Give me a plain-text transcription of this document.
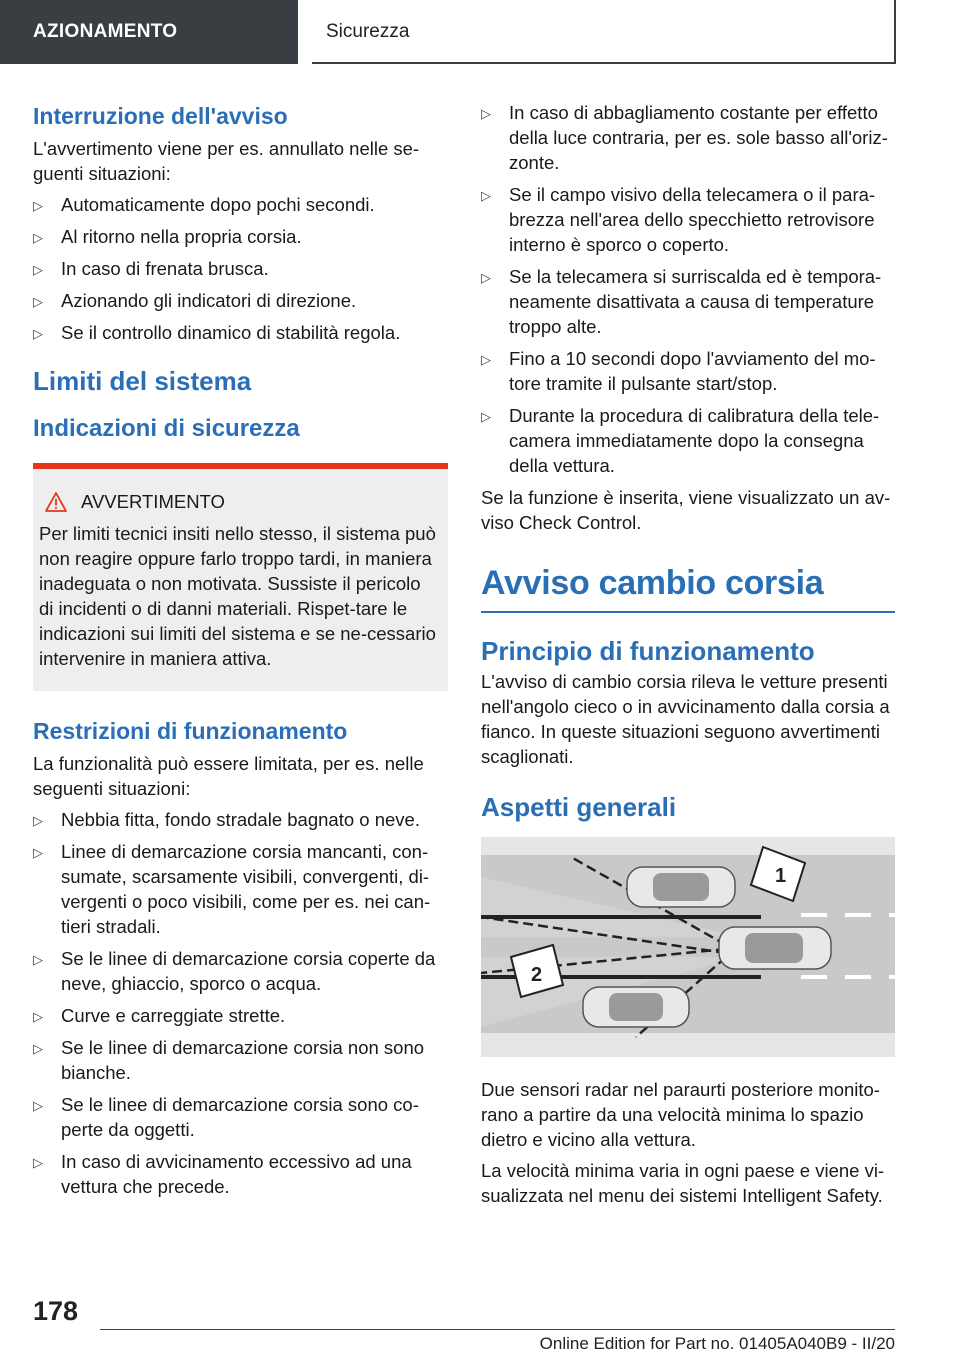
AZIONAMENTO	Sicurezza
Interruzione dell'avviso

L'avvertimento viene per es. annullato nelle se-guenti situazioni:

▷ Automaticamente dopo pochi secondi.
▷ Al ritorno nella propria corsia.
▷ In caso di frenata brusca.
▷ Azionando gli indicatori di direzione.
▷ Se il controllo dinamico di stabilità regola.
Limiti del sistema
Indicazioni di sicurezza
AVVERTIMENTO

Per limiti tecnici insiti nello stesso, il sistema può non reagire oppure farlo troppo tardi, in maniera inadeguata o non motivata. Sussiste il pericolo di incidenti o di danni materiali. Rispet-tare le indicazioni sui limiti del sistema e se ne-cessario intervenire in maniera attiva.

Restrizioni di funzionamento

La funzionalità può essere limitata, per es. nelle seguenti situazioni:

▷ Nebbia fitta, fondo stradale bagnato o neve.
▷ Linee di demarcazione corsia mancanti, con-sumate, scarsamente visibili, convergenti, di-vergenti o poco visibili, come per es. nei can-tieri stradali.
▷ Se le linee di demarcazione corsia coperte da neve, ghiaccio, sporco o acqua.
▷ Curve e carreggiate strette.
▷ Se le linee di demarcazione corsia non sono bianche.
▷ Se le linee di demarcazione corsia sono co-perte da oggetti.
▷ In caso di avvicinamento eccessivo ad una vettura che precede.
▷ In caso di abbagliamento costante per effetto della luce contraria, per es. sole basso all'oriz-zonte.
▷ Se il campo visivo della telecamera o il para-brezza nell'area dello specchietto retrovisore interno è sporco o coperto.
▷ Se la telecamera si surriscalda ed è tempora-neamente disattivata a causa di temperature troppo alte.
▷ Fino a 10 secondi dopo l'avviamento del mo-tore tramite il pulsante start/stop.
▷ Durante la procedura di calibratura della tele-camera immediatamente dopo la consegna della vettura.

Se la funzione è inserita, viene visualizzato un av-viso Check Control.

Avviso cambio corsia
Principio di funzionamento

L'avviso di cambio corsia rileva le vetture presenti nell'angolo cieco o in avvicinamento dalla corsia a fianco. In queste situazioni seguono avvertimenti scaglionati.

Aspetti generali
1
2

Due sensori radar nel paraurti posteriore monito-rano a partire da una velocità minima lo spazio dietro e vicino alla vettura.

La velocità minima varia in ogni paese e viene vi-sualizzata nel menu dei sistemi Intelligent Safety.

178
Online Edition for Part no. 01405A040B9 - II/20
